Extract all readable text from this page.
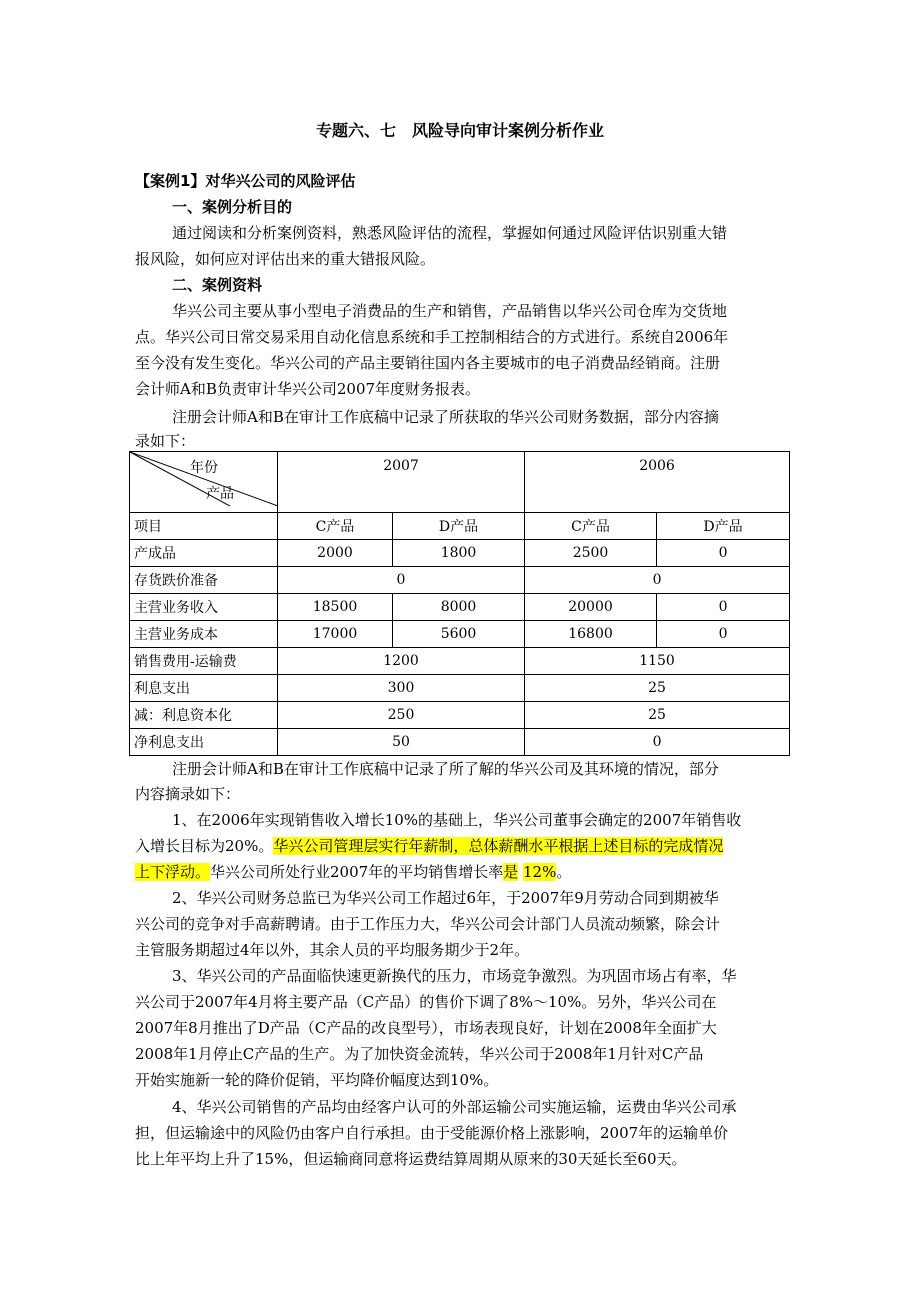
专题六、七　风险导向审计案例分析作业
【案例1】对华兴公司的风险评估
一、案例分析目的
通过阅读和分析案例资料，熟悉风险评估的流程，掌握如何通过风险评估识别重大错
报风险，如何应对评估出来的重大错报风险。
二、案例资料
华兴公司主要从事小型电子消费品的生产和销售，产品销售以华兴公司仓库为交货地
点。华兴公司日常交易采用自动化信息系统和手工控制相结合的方式进行。系统自2006年
至今没有发生变化。华兴公司的产品主要销往国内各主要城市的电子消费品经销商。注册
会计师A和B负责审计华兴公司2007年度财务报表。
注册会计师A和B在审计工作底稿中记录了所获取的华兴公司财务数据，部分内容摘
录如下：
年份
产品	2007		2006	
项目	C产品	D产品	C产品	D产品
产成品	2000	1800	2500	0
存货跌价准备	0		0	
主营业务收入	18500	8000	20000	0
主营业务成本	17000	5600	16800	0
销售费用-运输费	1200		1150	
利息支出	300		25	
减：利息资本化	250		25	
净利息支出	50		0	
注册会计师A和B在审计工作底稿中记录了所了解的华兴公司及其环境的情况，部分
内容摘录如下：
1、在2006年实现销售收入增长10%的基础上，华兴公司董事会确定的2007年销售收
入增长目标为20%。华兴公司管理层实行年薪制，总体薪酬水平根据上述目标的完成情况
上下浮动。华兴公司所处行业2007年的平均销售增长率是 12%。
2、华兴公司财务总监已为华兴公司工作超过6年，于2007年9月劳动合同到期被华
兴公司的竞争对手高薪聘请。由于工作压力大，华兴公司会计部门人员流动频繁，除会计
主管服务期超过4年以外，其余人员的平均服务期少于2年。
3、华兴公司的产品面临快速更新换代的压力，市场竞争激烈。为巩固市场占有率，华
兴公司于2007年4月将主要产品（C产品）的售价下调了8%～10%。另外，华兴公司在
2007年8月推出了D产品（C产品的改良型号），市场表现良好，计划在2008年全面扩大
2008年1月停止C产品的生产。为了加快资金流转，华兴公司于2008年1月针对C产品
开始实施新一轮的降价促销，平均降价幅度达到10%。
4、华兴公司销售的产品均由经客户认可的外部运输公司实施运输，运费由华兴公司承
担，但运输途中的风险仍由客户自行承担。由于受能源价格上涨影响，2007年的运输单价
比上年平均上升了15%，但运输商同意将运费结算周期从原来的30天延长至60天。
